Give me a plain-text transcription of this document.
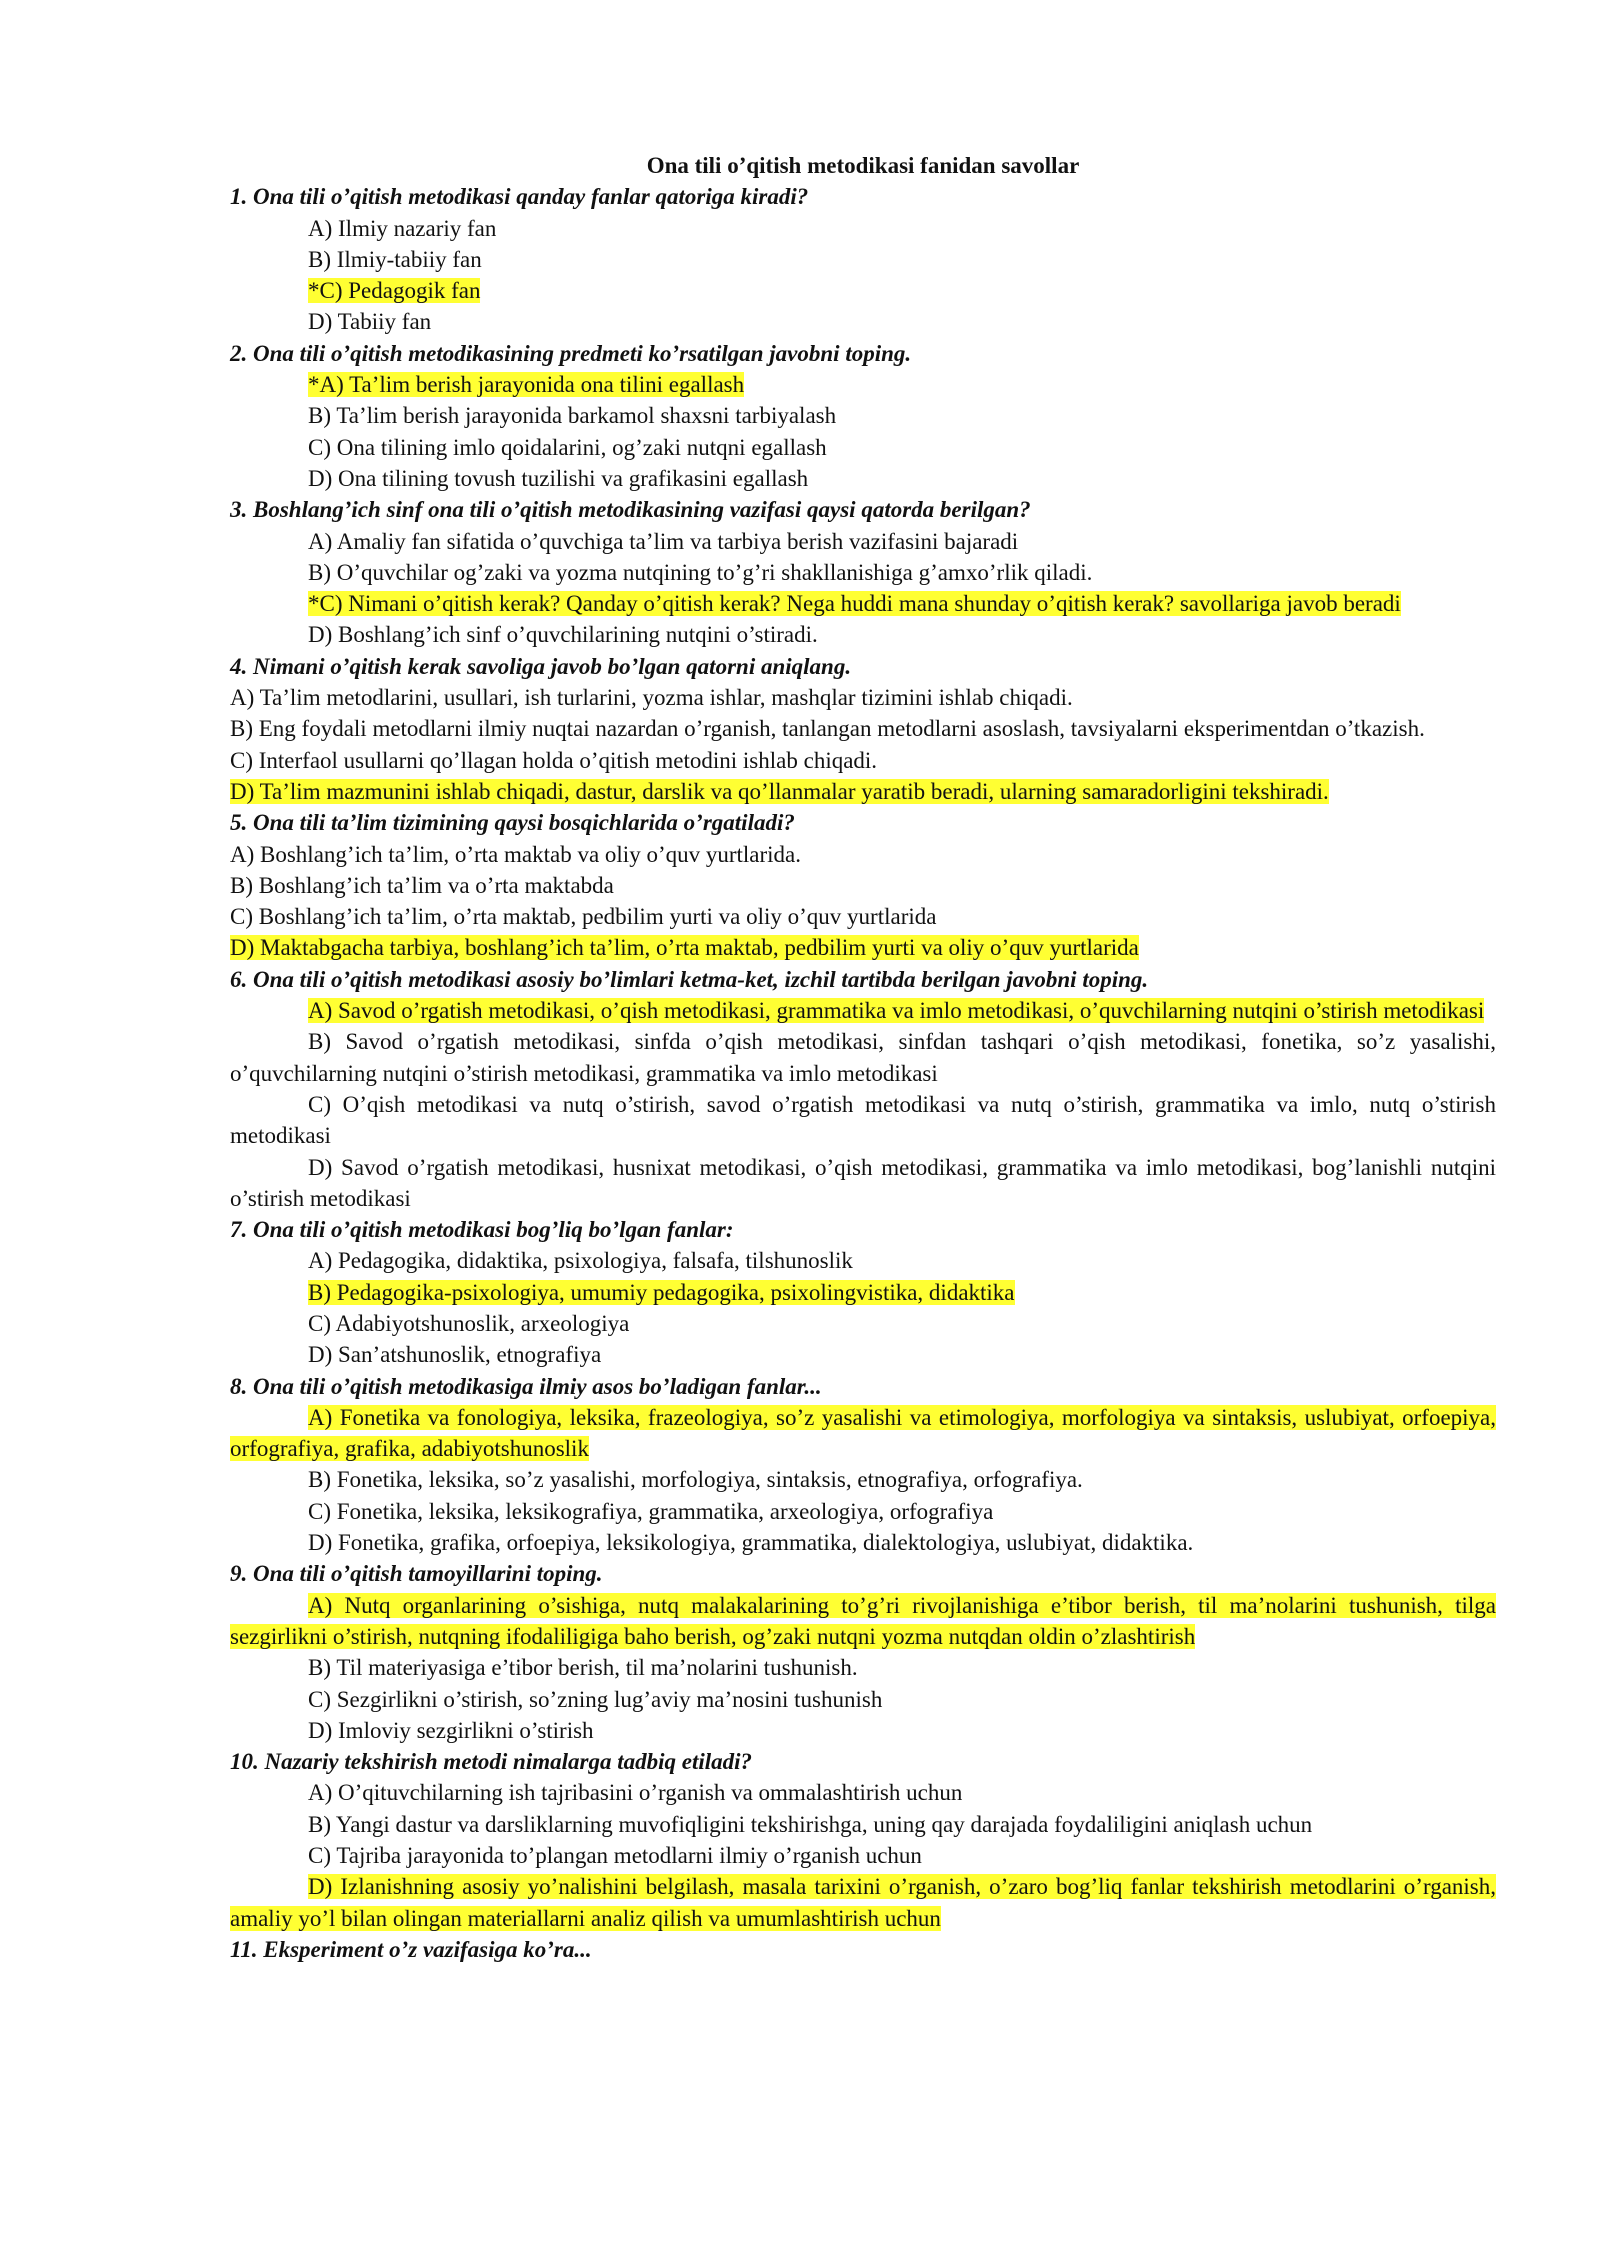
Ona tili o’qitish metodikasi fanidan savollar

1. Ona tili o’qitish metodikasi qanday fanlar qatoriga kiradi?

A) Ilmiy nazariy fan

B) Ilmiy-tabiiy fan

*C) Pedagogik fan

D) Tabiiy fan

2. Ona tili o’qitish metodikasining predmeti ko’rsatilgan javobni toping.

*A) Ta’lim berish jarayonida ona tilini egallash

B) Ta’lim berish jarayonida barkamol shaxsni tarbiyalash

C) Ona tilining imlo qoidalarini, og’zaki nutqni egallash

D) Ona tilining tovush tuzilishi va grafikasini egallash

3. Boshlang’ich sinf ona tili o’qitish metodikasining vazifasi qaysi qatorda berilgan?

A) Amaliy fan sifatida o’quvchiga ta’lim va tarbiya berish vazifasini bajaradi

B) O’quvchilar og’zaki va yozma nutqining to’g’ri shakllanishiga g’amxo’rlik qiladi.

*C) Nimani o’qitish kerak? Qanday o’qitish kerak? Nega huddi mana shunday o’qitish kerak? savollariga javob beradi

D) Boshlang’ich sinf o’quvchilarining nutqini o’stiradi.

4. Nimani o’qitish kerak savoliga javob bo’lgan qatorni aniqlang.

A) Ta’lim metodlarini, usullari, ish turlarini, yozma ishlar, mashqlar tizimini ishlab chiqadi.

B) Eng foydali metodlarni ilmiy nuqtai nazardan o’rganish, tanlangan metodlarni asoslash, tavsiyalarni eksperimentdan o’tkazish.

C) Interfaol usullarni qo’llagan holda o’qitish metodini ishlab chiqadi.

D) Ta’lim mazmunini ishlab chiqadi, dastur, darslik va qo’llanmalar yaratib beradi, ularning samaradorligini tekshiradi.

5. Ona tili ta’lim tizimining qaysi bosqichlarida o’rgatiladi?

A) Boshlang’ich ta’lim, o’rta maktab va oliy o’quv yurtlarida.

B) Boshlang’ich ta’lim va o’rta maktabda

C) Boshlang’ich ta’lim, o’rta maktab, pedbilim yurti va oliy o’quv yurtlarida

D) Maktabgacha tarbiya, boshlang’ich ta’lim, o’rta maktab, pedbilim yurti va oliy o’quv yurtlarida

6. Ona tili o’qitish metodikasi asosiy bo’limlari ketma-ket, izchil tartibda berilgan javobni toping.

A) Savod o’rgatish metodikasi, o’qish metodikasi, grammatika va imlo metodikasi, o’quvchilarning nutqini o’stirish metodikasi

B) Savod o’rgatish metodikasi, sinfda o’qish metodikasi, sinfdan tashqari o’qish metodikasi, fonetika, so’z yasalishi, o’quvchilarning nutqini o’stirish metodikasi, grammatika va imlo metodikasi

C) O’qish metodikasi va nutq o’stirish, savod o’rgatish metodikasi va nutq o’stirish, grammatika va imlo, nutq o’stirish metodikasi

D) Savod o’rgatish metodikasi, husnixat metodikasi, o’qish metodikasi, grammatika va imlo metodikasi, bog’lanishli nutqini o’stirish metodikasi

7. Ona tili o’qitish metodikasi bog’liq bo’lgan fanlar:

A) Pedagogika, didaktika, psixologiya, falsafa, tilshunoslik

B) Pedagogika-psixologiya, umumiy pedagogika, psixolingvistika, didaktika

C) Adabiyotshunoslik, arxeologiya

D) San’atshunoslik, etnografiya

8. Ona tili o’qitish metodikasiga ilmiy asos bo’ladigan fanlar...

A) Fonetika va fonologiya, leksika, frazeologiya, so’z yasalishi va etimologiya, morfologiya va sintaksis, uslubiyat, orfoepiya, orfografiya, grafika, adabiyotshunoslik

B) Fonetika, leksika, so’z yasalishi, morfologiya, sintaksis, etnografiya, orfografiya.

C) Fonetika, leksika, leksikografiya, grammatika, arxeologiya, orfografiya

D) Fonetika, grafika, orfoepiya, leksikologiya, grammatika, dialektologiya, uslubiyat, didaktika.

9. Ona tili o’qitish tamoyillarini toping.

A) Nutq organlarining o’sishiga, nutq malakalarining to’g’ri rivojlanishiga e’tibor berish, til ma’nolarini tushunish, tilga sezgirlikni o’stirish, nutqning ifodaliligiga baho berish, og’zaki nutqni yozma nutqdan oldin o’zlashtirish

B) Til materiyasiga e’tibor berish, til ma’nolarini tushunish.

C) Sezgirlikni o’stirish, so’zning lug’aviy ma’nosini tushunish

D) Imloviy sezgirlikni o’stirish

10. Nazariy tekshirish metodi nimalarga tadbiq etiladi?

A) O’qituvchilarning ish tajribasini o’rganish va ommalashtirish uchun

B) Yangi dastur va darsliklarning muvofiqligini tekshirishga, uning qay darajada foydaliligini aniqlash uchun

C) Tajriba jarayonida to’plangan metodlarni ilmiy o’rganish uchun

D) Izlanishning asosiy yo’nalishini belgilash, masala tarixini o’rganish, o’zaro bog’liq fanlar tekshirish metodlarini o’rganish, amaliy yo’l bilan olingan materiallarni analiz qilish va umumlashtirish uchun

11. Eksperiment o’z vazifasiga ko’ra...
